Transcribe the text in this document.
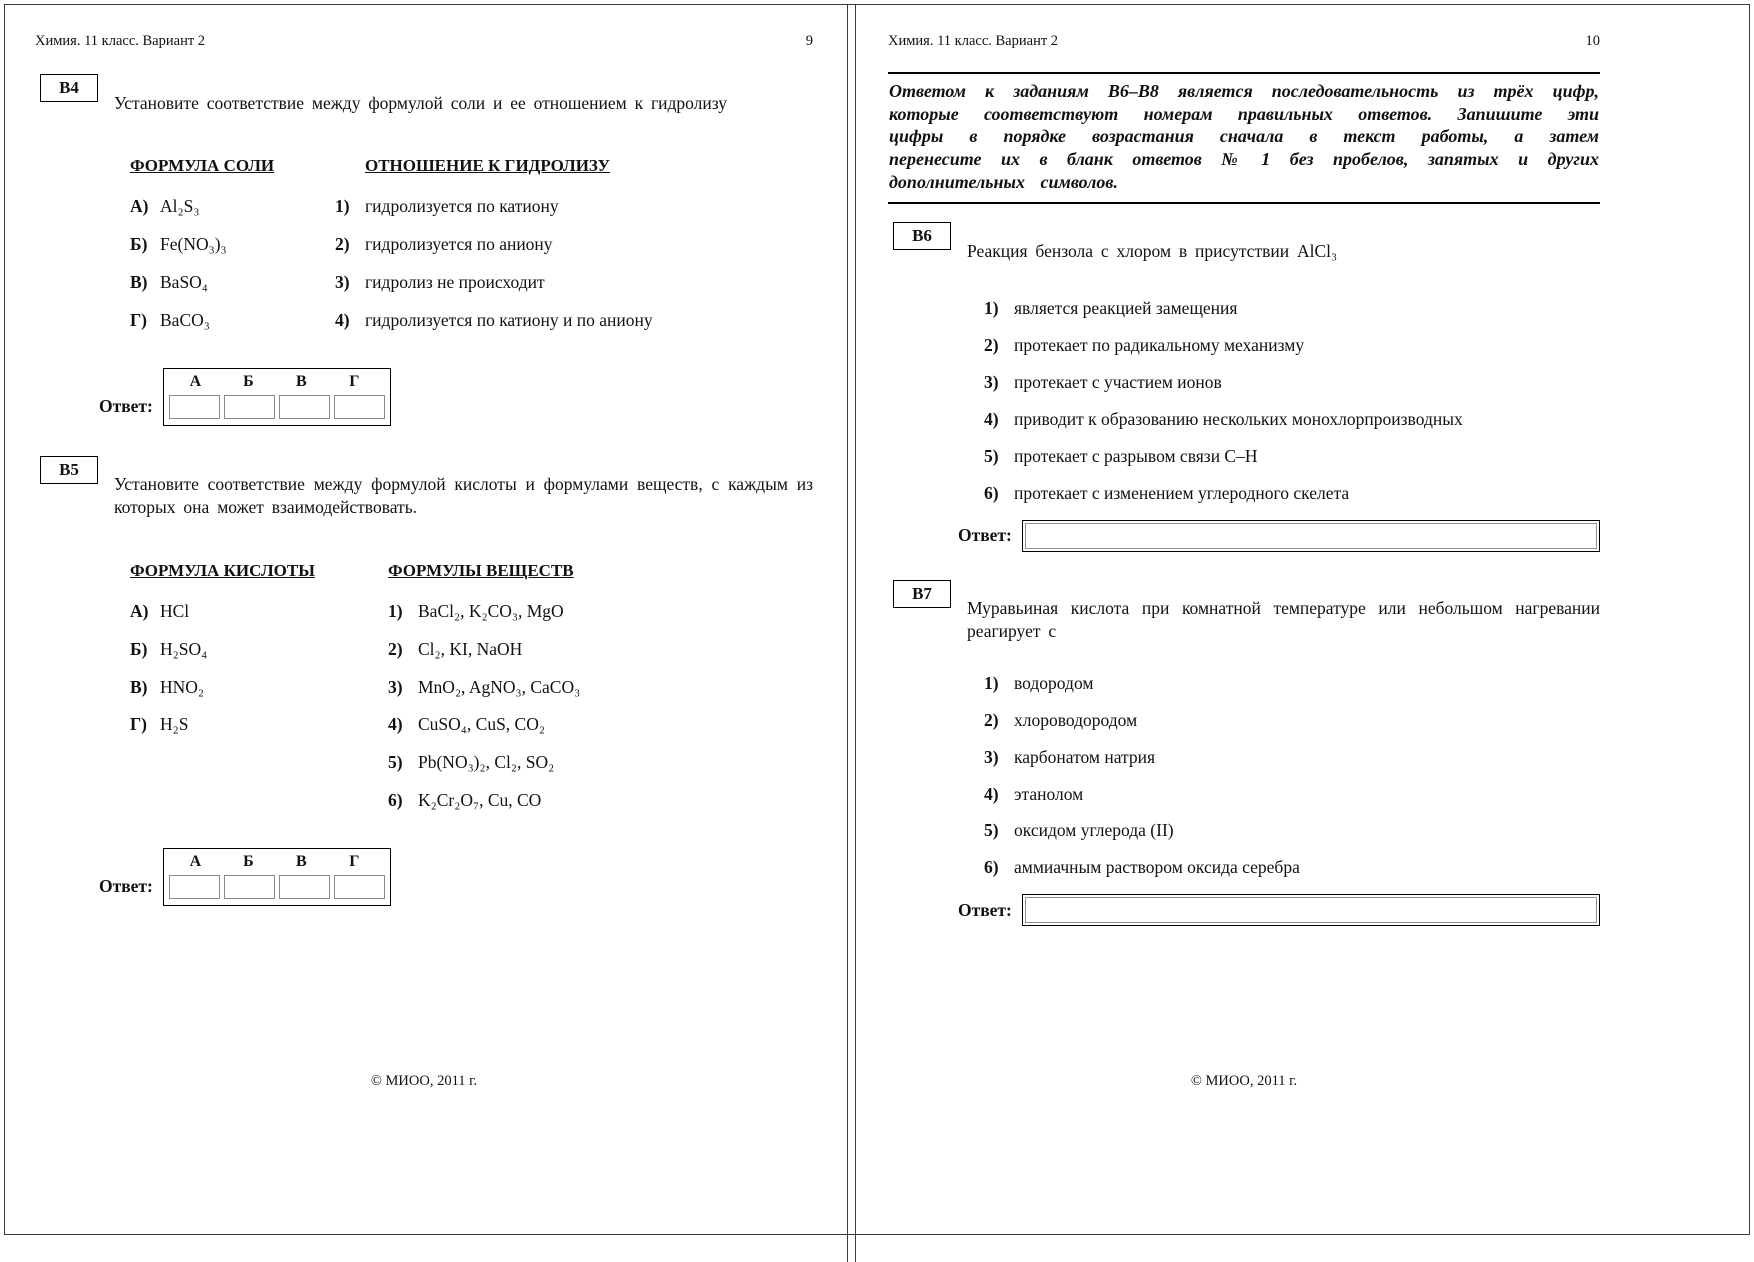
Химия. 11 класс. Вариант 2	9
В4

Установите соответствие между формулой соли и ее отношением к гидролизу

ФОРМУЛА СОЛИ
А) Al₂S₃
Б) Fe(NO₃)₃
В) BaSO₄
Г) BaCO₃
ОТНОШЕНИЕ К ГИДРОЛИЗУ
1) гидролизуется по катиону
2) гидролизуется по аниону
3) гидролиз не происходит
4) гидролизуется по катиону и по аниону
Ответ:
А	Б	В	Г
В5

Установите соответствие между формулой кислоты и формулами веществ, с каждым из которых она может взаимодействовать.

ФОРМУЛА КИСЛОТЫ
А) HCl
Б) H₂SO₄
В) HNO₂
Г) H₂S
ФОРМУЛЫ ВЕЩЕСТВ
1) BaCl₂, K₂CO₃, MgO
2) Cl₂, KI, NaOH
3) MnO₂, AgNO₃, CaCO₃
4) CuSO₄, CuS, CO₂
5) Pb(NO₃)₂, Cl₂, SO₂
6) K₂Cr₂O₇, Cu, CO
Ответ:
А	Б	В	Г
© МИОО, 2011 г.
Химия. 11 класс. Вариант 2	10
Ответом к заданиям В6–В8 является последовательность из трёх цифр, которые соответствуют номерам правильных ответов. Запишите эти цифры в порядке возрастания сначала в текст работы, а затем перенесите их в бланк ответов № 1 без пробелов, запятых и других дополнительных символов.
В6

Реакция бензола с хлором в присутствии AlCl₃

1) является реакцией замещения
2) протекает по радикальному механизму
3) протекает с участием ионов
4) приводит к образованию нескольких монохлорпроизводных
5) протекает с разрывом связи С–Н
6) протекает с изменением углеродного скелета
Ответ:
В7

Муравьиная кислота при комнатной температуре или небольшом нагревании реагирует с

1) водородом
2) хлороводородом
3) карбонатом натрия
4) этанолом
5) оксидом углерода (II)
6) аммиачным раствором оксида серебра
Ответ:
© МИОО, 2011 г.
